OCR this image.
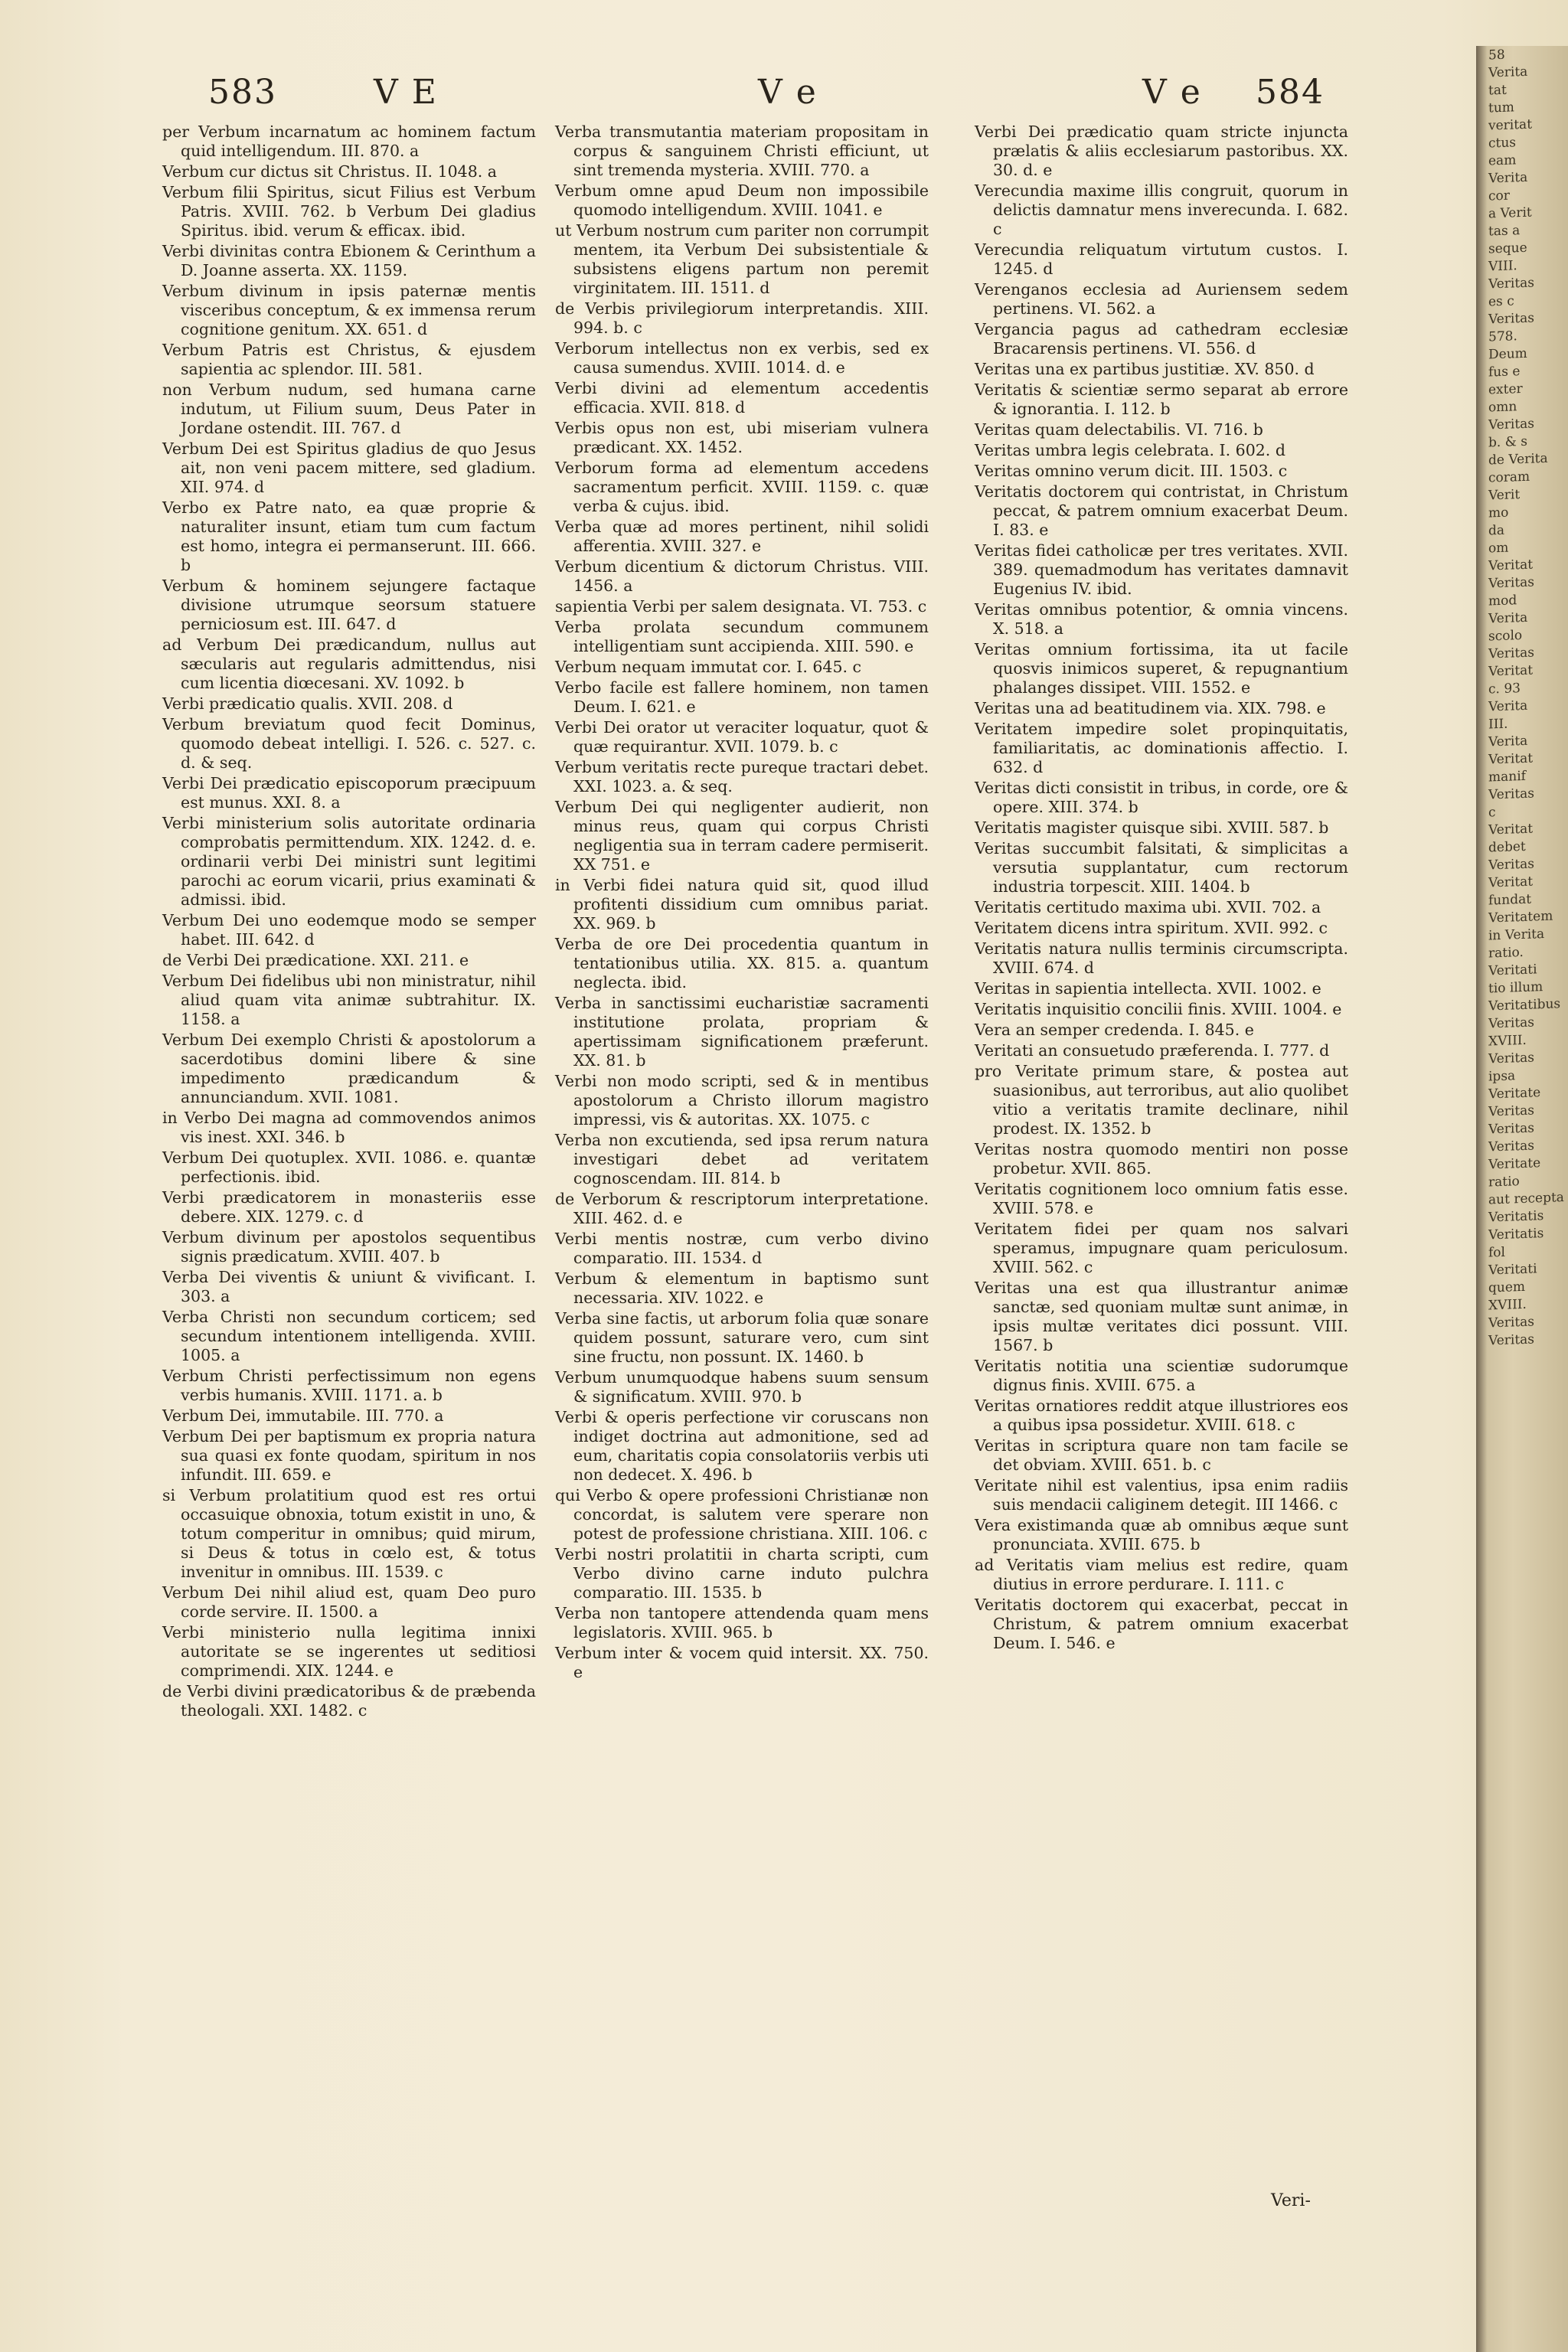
583	V E	V e	V e 584
per Verbum incarnatum ac hominem factum quid intelligendum. III. 870. a
Verbum cur dictus sit Christus. II. 1048. a
Verbum filii Spiritus, sicut Filius est Verbum Patris. XVIII. 762. b Verbum Dei gladius Spiritus. ibid. verum & efficax. ibid.
Verbi divinitas contra Ebionem & Cerinthum a D. Joanne asserta. XX. 1159.
Verbum divinum in ipsis paternæ mentis visceribus conceptum, & ex immensa rerum cognitione genitum. XX. 651. d
Verbum Patris est Christus, & ejusdem sapientia ac splendor. III. 581.
non Verbum nudum, sed humana carne indutum, ut Filium suum, Deus Pater in Jordane ostendit. III. 767. d
Verbum Dei est Spiritus gladius de quo Jesus ait, non veni pacem mittere, sed gladium. XII. 974. d
Verbo ex Patre nato, ea quæ proprie & naturaliter insunt, etiam tum cum factum est homo, integra ei permanserunt. III. 666. b
Verbum & hominem sejungere factaque divisione utrumque seorsum statuere perniciosum est. III. 647. d
ad Verbum Dei prædicandum, nullus aut sæcularis aut regularis admittendus, nisi cum licentia diœcesani. XV. 1092. b
Verbi prædicatio qualis. XVII. 208. d
Verbum breviatum quod fecit Dominus, quomodo debeat intelligi. I. 526. c. 527. c. d. & seq.
Verbi Dei prædicatio episcoporum præcipuum est munus. XXI. 8. a
Verbi ministerium solis autoritate ordinaria comprobatis permittendum. XIX. 1242. d. e. ordinarii verbi Dei ministri sunt legitimi parochi ac eorum vicarii, prius examinati & admissi. ibid.
Verbum Dei uno eodemque modo se semper habet. III. 642. d
de Verbi Dei prædicatione. XXI. 211. e
Verbum Dei fidelibus ubi non ministratur, nihil aliud quam vita animæ subtrahitur. IX. 1158. a
Verbum Dei exemplo Christi & apostolorum a sacerdotibus domini libere & sine impedimento prædicandum & annunciandum. XVII. 1081.
in Verbo Dei magna ad commovendos animos vis inest. XXI. 346. b
Verbum Dei quotuplex. XVII. 1086. e. quantæ perfectionis. ibid.
Verbi prædicatorem in monasteriis esse debere. XIX. 1279. c. d
Verbum divinum per apostolos sequentibus signis prædicatum. XVIII. 407. b
Verba Dei viventis & uniunt & vivificant. I. 303. a
Verba Christi non secundum corticem; sed secundum intentionem intelligenda. XVIII. 1005. a
Verbum Christi perfectissimum non egens verbis humanis. XVIII. 1171. a. b
Verbum Dei, immutabile. III. 770. a
Verbum Dei per baptismum ex propria natura sua quasi ex fonte quodam, spiritum in nos infundit. III. 659. e
si Verbum prolatitium quod est res ortui occasuique obnoxia, totum existit in uno, & totum comperitur in omnibus; quid mirum, si Deus & totus in cœlo est, & totus invenitur in omnibus. III. 1539. c
Verbum Dei nihil aliud est, quam Deo puro corde servire. II. 1500. a
Verbi ministerio nulla legitima innixi autoritate se se ingerentes ut seditiosi comprimendi. XIX. 1244. e
de Verbi divini prædicatoribus & de præbenda theologali. XXI. 1482. c
Verba transmutantia materiam propositam in corpus & sanguinem Christi efficiunt, ut sint tremenda mysteria. XVIII. 770. a
Verbum omne apud Deum non impossibile quomodo intelligendum. XVIII. 1041. e
ut Verbum nostrum cum pariter non corrumpit mentem, ita Verbum Dei subsistentiale & subsistens eligens partum non peremit virginitatem. III. 1511. d
de Verbis privilegiorum interpretandis. XIII. 994. b. c
Verborum intellectus non ex verbis, sed ex causa sumendus. XVIII. 1014. d. e
Verbi divini ad elementum accedentis efficacia. XVII. 818. d
Verbis opus non est, ubi miseriam vulnera prædicant. XX. 1452.
Verborum forma ad elementum accedens sacramentum perficit. XVIII. 1159. c. quæ verba & cujus. ibid.
Verba quæ ad mores pertinent, nihil solidi afferentia. XVIII. 327. e
Verbum dicentium & dictorum Christus. VIII. 1456. a
sapientia Verbi per salem designata. VI. 753. c
Verba prolata secundum communem intelligentiam sunt accipienda. XIII. 590. e
Verbum nequam immutat cor. I. 645. c
Verbo facile est fallere hominem, non tamen Deum. I. 621. e
Verbi Dei orator ut veraciter loquatur, quot & quæ requirantur. XVII. 1079. b. c
Verbum veritatis recte pureque tractari debet. XXI. 1023. a. & seq.
Verbum Dei qui negligenter audierit, non minus reus, quam qui corpus Christi negligentia sua in terram cadere permiserit. XX 751. e
in Verbi fidei natura quid sit, quod illud profitenti dissidium cum omnibus pariat. XX. 969. b
Verba de ore Dei procedentia quantum in tentationibus utilia. XX. 815. a. quantum neglecta. ibid.
Verba in sanctissimi eucharistiæ sacramenti institutione prolata, propriam & apertissimam significationem præferunt. XX. 81. b
Verbi non modo scripti, sed & in mentibus apostolorum a Christo illorum magistro impressi, vis & autoritas. XX. 1075. c
Verba non excutienda, sed ipsa rerum natura investigari debet ad veritatem cognoscendam. III. 814. b
de Verborum & rescriptorum interpretatione. XIII. 462. d. e
Verbi mentis nostræ, cum verbo divino comparatio. III. 1534. d
Verbum & elementum in baptismo sunt necessaria. XIV. 1022. e
Verba sine factis, ut arborum folia quæ sonare quidem possunt, saturare vero, cum sint sine fructu, non possunt. IX. 1460. b
Verbum unumquodque habens suum sensum & significatum. XVIII. 970. b
Verbi & operis perfectione vir coruscans non indiget doctrina aut admonitione, sed ad eum, charitatis copia consolatoriis verbis uti non dedecet. X. 496. b
qui Verbo & opere professioni Christianæ non concordat, is salutem vere sperare non potest de professione christiana. XIII. 106. c
Verbi nostri prolatitii in charta scripti, cum Verbo divino carne induto pulchra comparatio. III. 1535. b
Verba non tantopere attendenda quam mens legislatoris. XVIII. 965. b
Verbum inter & vocem quid intersit. XX. 750. e
Verbi Dei prædicatio quam stricte injuncta prælatis & aliis ecclesiarum pastoribus. XX. 30. d. e
Verecundia maxime illis congruit, quorum in delictis damnatur mens inverecunda. I. 682. c
Verecundia reliquatum virtutum custos. I. 1245. d
Verenganos ecclesia ad Auriensem sedem pertinens. VI. 562. a
Vergancia pagus ad cathedram ecclesiæ Bracarensis pertinens. VI. 556. d
Veritas una ex partibus justitiæ. XV. 850. d
Veritatis & scientiæ sermo separat ab errore & ignorantia. I. 112. b
Veritas quam delectabilis. VI. 716. b
Veritas umbra legis celebrata. I. 602. d
Veritas omnino verum dicit. III. 1503. c
Veritatis doctorem qui contristat, in Christum peccat, & patrem omnium exacerbat Deum. I. 83. e
Veritas fidei catholicæ per tres veritates. XVII. 389. quemadmodum has veritates damnavit Eugenius IV. ibid.
Veritas omnibus potentior, & omnia vincens. X. 518. a
Veritas omnium fortissima, ita ut facile quosvis inimicos superet, & repugnantium phalanges dissipet. VIII. 1552. e
Veritas una ad beatitudinem via. XIX. 798. e
Veritatem impedire solet propinquitatis, familiaritatis, ac dominationis affectio. I. 632. d
Veritas dicti consistit in tribus, in corde, ore & opere. XIII. 374. b
Veritatis magister quisque sibi. XVIII. 587. b
Veritas succumbit falsitati, & simplicitas a versutia supplantatur, cum rectorum industria torpescit. XIII. 1404. b
Veritatis certitudo maxima ubi. XVII. 702. a
Veritatem dicens intra spiritum. XVII. 992. c
Veritatis natura nullis terminis circumscripta. XVIII. 674. d
Veritas in sapientia intellecta. XVII. 1002. e
Veritatis inquisitio concilii finis. XVIII. 1004. e
Vera an semper credenda. I. 845. e
Veritati an consuetudo præferenda. I. 777. d
pro Veritate primum stare, & postea aut suasionibus, aut terroribus, aut alio quolibet vitio a veritatis tramite declinare, nihil prodest. IX. 1352. b
Veritas nostra quomodo mentiri non posse probetur. XVII. 865.
Veritatis cognitionem loco omnium fatis esse. XVIII. 578. e
Veritatem fidei per quam nos salvari speramus, impugnare quam periculosum. XVIII. 562. c
Veritas una est qua illustrantur animæ sanctæ, sed quoniam multæ sunt animæ, in ipsis multæ veritates dici possunt. VIII. 1567. b
Veritatis notitia una scientiæ sudorumque dignus finis. XVIII. 675. a
Veritas ornatiores reddit atque illustriores eos a quibus ipsa possidetur. XVIII. 618. c
Veritas in scriptura quare non tam facile se det obviam. XVIII. 651. b. c
Veritate nihil est valentius, ipsa enim radiis suis mendacii caliginem detegit. III 1466. c
Vera existimanda quæ ab omnibus æque sunt pronunciata. XVIII. 675. b
ad Veritatis viam melius est redire, quam diutius in errore perdurare. I. 111. c
Veritatis doctorem qui exacerbat, peccat in Christum, & patrem omnium exacerbat Deum. I. 546. e
Veri-
58
Verita
tat
tum
veritat
ctus
eam
Verita
cor
a Verit
tas a
seque
VIII.
Veritas
es c
Veritas
578.
Deum
fus e
exter
omn
Veritas
b. & s
de Verita
coram
Verit
mo
da
om
Veritat
Veritas
mod
Verita
scolo
Veritas
Veritat
c. 93
Verita
III.
Verita
Veritat
manif
Veritas
c
Veritat
debet
Veritas
Veritat
fundat
Veritatem
in Verita
ratio.
Veritati
tio illum
Veritatibus
Veritas
XVIII.
Veritas
ipsa
Veritate
Veritas
Veritas
Veritas
Veritate
ratio
aut recepta
Veritatis
Veritatis
fol
Veritati
quem
XVIII.
Veritas
Veritas
